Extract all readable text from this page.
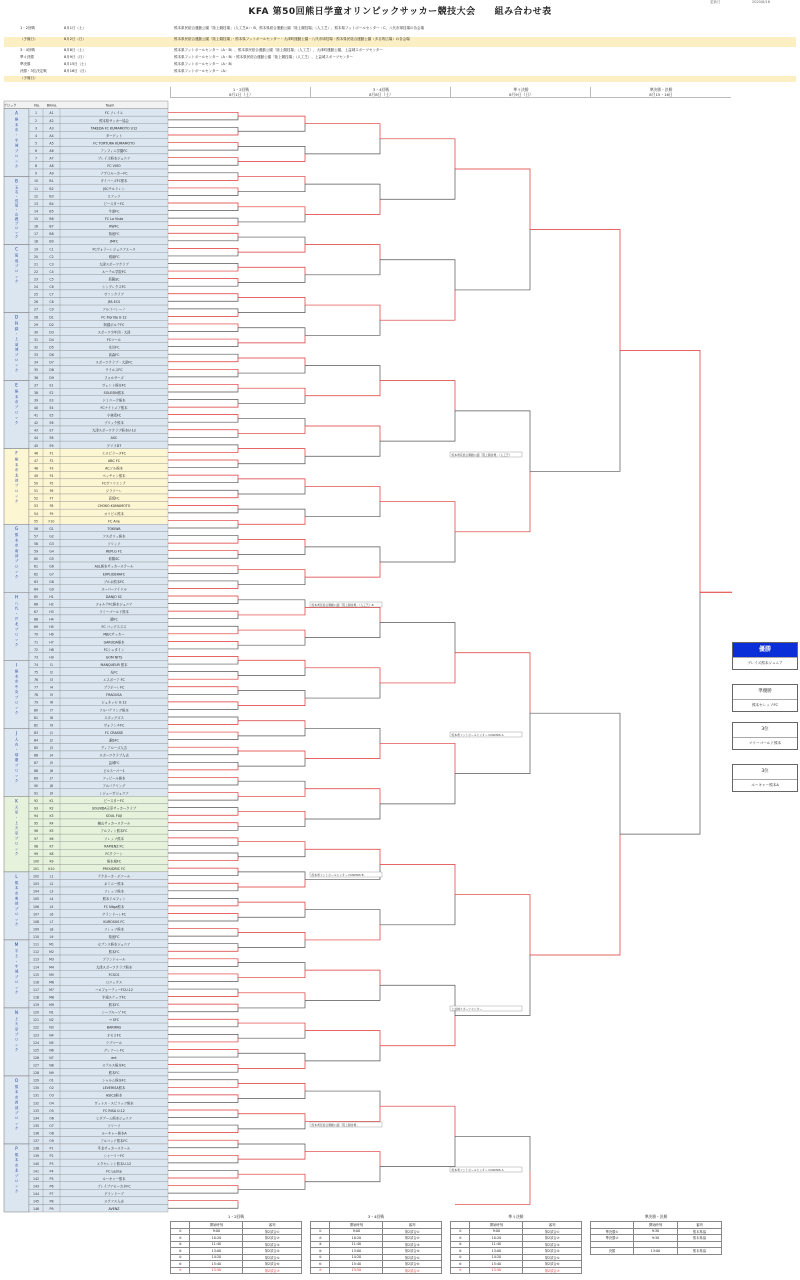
更新日	2020/8/18
KFA 第50回熊日学童オリンピックサッカー競技大会　　組み合わせ表
1・2回戦	8月1日（土）	熊本県民総合運動公園「陸上競技場」（人工芝A）・B、熊本県総合運動公園「陸上競技場」（人工芝）、熊本県フットボールセンター・C、八代市球技場の各会場
（予備日）	8月2日（日）	熊本県民総合運動公園「陸上競技場」・熊本県フットボールセンター・大津町運動公園・八代市球技場・熊本県民総合運動公園（多目的広場）の各会場
3・4回戦	8月8日（土）	熊本県フットボールセンター（A・B）、熊本県民総合運動公園「陸上競技場」（人工芝）、大津町運動公園、上益城スポーツセンター
準々決勝	8月9日（日）	熊本県フットボールセンター（A・B）・熊本県民総合運動公園「陸上競技場」（人工芝）、上益城スポーツセンター
準決勝	8月15日（土）	熊本県フットボールセンター（A・B）
決勝・3位決定戦	8月16日（日）	熊本県フットボールセンター（A）
（予備日）
1・2回戦
8月1日（土）
3・4回戦
8月8日（土）
準々決勝
8月9日（日）
準決勝・決勝
8月15・16日
ブロック	No. Blkno.	Team
A
熊
本
市
・
宇
城
ブ
ロ
ッ
ク
1	A1	FC ソレイユ
2	A2	熊本県サッカー協会
3	A3	TAKEDA FC KUMAMOTO U12
4	A4	ターゲット
5	A5	FC TORTURA KUMAMOTO
6	A6	アンフィニ学園FC
7	A7	ブレイズ熊本ジュニア
8	A8	FC VIVO
9	A9	ナプロルーカーFC
B
玉
名
・
荒
尾
・
山
鹿
ブ
ロ
ッ
ク
10	B1	ダイバーズFC熊本
11	B2	JSCチルドレン
12	B3	ロアッソ
13	B4	ピースターFC
14	B5	牛深FC
15	B6	FC La Vista
16	B7	RWFC
17	B8	菊池FC
18	B9	JMFC
C
菊
池
ブ
ロ
ッ
ク
19	C1	FCヴォラーレジュニアユース
20	C2	城南FC
21	C3	大津スポーツクラブ
22	C4	ルーテル学院FC
23	C5	菊陽SC
24	C6	シンプレクスFC
25	C7	ヴァンクラブ
26	C8	JFA ECS
27	C9	アルコバレーノ
D
阿
蘇
・
上
益
城
ブ
ロ
ッ
ク
28	D1	FC Florida U-12
29	D2	阿蘇ポルテFC
30	D3	スポーツ少年団・大津
31	D4	FCマール
32	D5	氷川FC
33	D6	高森FC
34	D7	スポーツクラブ・大津FC
35	D8	ウイルスFC
36	D9	フォルサーズ
E
熊
本
市
ブ
ロ
ッ
ク
37	E1	ヴェント熊本FC
38	E2	SOLESIN熊本
39	E3	ドミニーク熊本
40	E4	FCナイトメア熊本
41	E5	小林湾FC
42	E6	ブリック熊本
43	E7	大津スポーツクラブ熊本U-12
44	E8	ASC
45	E9	ゲリラDT
F
熊
本
市
北
部
ブ
ロ
ッ
ク
46	F1	エスピラーダFC
47	F2	ABC FC
48	F3	ACソル熊本
49	F4	ペッチャン熊本
50	F5	FCヴァリエンテ
51	F6	ジラソーレ
52	F7	高坂FC
53	F8	CHOKO KUMAMOTO
54	F9	オリビエ熊本
55	F10	FC Arie
G
熊
本
市
南
部
ブ
ロ
ッ
ク
56	G1	TOKIWA
57	G2	アスポリィ熊本
58	G3	ソリッソ
59	G4	REPLG FC
60	G5	菊陽SC
61	G6	ASL熊本サッカースクール
62	G7	EXPLIDERAFC
63	G8	ブルネ熊本FC
64	G9	スーパーアイドル
H
八
代
・
芦
北
ブ
ロ
ッ
ク
65	H1	DANJO SC
66	H2	フォルテFC熊本ジュニア
67	H3	ラミーゴールド熊本
68	H4	鏡FC
69	H5	FC コッグスヌス
70	H6	MJECサッカー
71	H7	GARUDA熊本
72	H8	FCシュタイン
73	H9	GOM NITS
I
熊
本
市
中
央
ブ
ロ
ッ
ク
74	I1	MANQUEUR 熊本
75	I2	光FC
76	I3	エスポーア FC
77	I4	ブラボーレFC
78	I5	FRAGUSA
79	I6	ジュネッセ U-12
80	I7	アルバテリング熊本
81	I8	スポッグズス
82	I9	ヴォランチFC
J
人
吉
・
球
磨
ブ
ロ
ッ
ク
83	J1	FC CRASSE
84	J2	錦SFC
85	J3	ディアローズ人吉
86	J4	スポーツクラブ人吉
87	J5	益城FC
88	J6	ビルスーパー1
89	J7	アッピール熊本
90	J8	アルバテリング
91	J9	レジェーガジュニア
K
天
草
・
上
天
草
ブ
ロ
ッ
ク
92	K1	ピースターFC
93	K2	SOLNIDA天草サッカークラブ
94	K3	SOUL FUJI
95	K4	楠山サッカースクール
96	K5	アルフィン熊本FC
97	K6	ソレッソ熊本
98	K7	RAPIENZ FC
99	K8	FCクラーン
100	K9	熊本城FC
101	K10	PROUDRIC FC
L
熊
本
市
東
部
ブ
ロ
ッ
ク
102	L1	テクネーカ・ボアール
103	L2	ネミニー熊本
104	L3	ソレッソ熊本
105	L4	熊本ドルフィン
106	L5	FC Nilga熊本
107	L6	グランドーレFC
108	L7	KUROSUS FC
109	L8	ソレッソ熊本
110	L9	菊池FC
M
宇
土
・
宇
城
ブ
ロ
ッ
ク
111	M1	セブンス熊本ジュニア
112	M2	熊本FC
113	M3	ブランドゥール
114	M4	大津スポーツクラブ熊本
115	M5	FCSCS
116	M6	ロニックス
117	M7	ハロフォーティーFCU-12
118	M8	宇城ステップFC
119	M9	熊本FC
N
上
天
草
ブ
ロ
ッ
ク
120	N1	シーブルーゾ FC
121	N2	→ SFC
122	N3	BARIRAS
123	N4	オセロFC
124	N5	ラブマール
125	N6	グレアーレFC
126	N7	ent
127	N8	ステルス熊本FC
128	N9	熊本FC
O
熊
本
市
西
部
ブ
ロ
ッ
ク
129	O1	シャルム熊本FC
130	O2	LEVERISA熊本
131	O3	ASICS熊本
132	O4	ヴィトス・スピリッツ熊本
133	O5	FC RISA U-12
134	O6	ヒダブーム熊本ジュニア
135	O7	ソリーソ
136	O8	ルーキャー熊本A
137	O9	アルコッド熊本FC
P
熊
本
市
北
ブ
ロ
ッ
ク
138	P1	苓北サッカースクール
139	P2	シャーリーFC
140	P3	エクセレント熊本U-12
141	P4	FC Lazise
142	P5	ルーキャー熊本
143	P6	ブレイブアセーカネFC
144	P7	ゲランドーブ
145	P8	スクアス人吉
146	P9	AVENZ
熊本県民総合運動公園「陸上競技場」（人工芝）
熊本県民総合運動公園「陸上競技場」（人工芝）B
熊本県フットボールセンター COSMOS A
熊本県フットボールセンター COSMOS B
上益城スポーツセンター
熊本県民総合運動公園「陸上競技場」
熊本県フットボールセンター COSMOS A
優勝
ブレイズ熊本ジュニア
準優勝
熊本セレッソFC
3位
マリーゴールド熊本
3位
ルーキャー熊本A
1・2回戦
	開始時刻	審判
①	9:00	第2試合①
②	10:20	第2試合②
③	11:40	第2試合③
④	13:00	第2試合④
⑤	14:20	第2試合⑤
⑥	15:40	第2試合⑥
⑦	13:50	第2試合⑦
3・4回戦
	開始時刻	審判
①	9:00	第2試合①
②	10:20	第2試合②
③	11:40	第2試合③
④	13:00	第2試合④
⑤	14:20	第2試合⑤
⑥	15:40	第2試合⑥
⑦	13:50	第2試合⑦
準々決勝
	開始時刻	審判
①	9:00	第2試合①
②	10:20	第2試合②
③	11:40	第2試合③
④	13:00	第2試合④
⑤	14:20	第2試合⑤
⑥	15:40	第2試合⑥
⑦	13:50	第2試合⑦
準決勝・決勝
	開始時刻	審判
準決勝①	9:30	熊本県協
準決勝②	9:30	熊本県協

決勝	13:00	熊本県協
